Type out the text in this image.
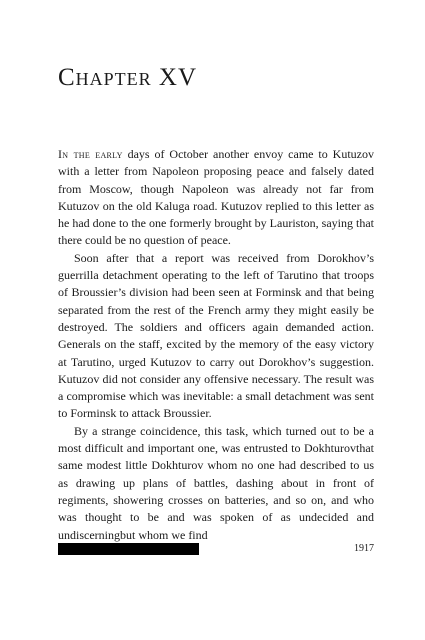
Chapter XV

In the early days of October another envoy came to Kutuzov with a letter from Napoleon proposing peace and falsely dated from Moscow, though Napoleon was already not far from Kutuzov on the old Kaluga road. Kutuzov replied to this letter as he had done to the one formerly brought by Lauriston, saying that there could be no question of peace.

Soon after that a report was received from Dorokhov’s guerrilla detachment operating to the left of Tarutino that troops of Broussier’s division had been seen at Forminsk and that being separated from the rest of the French army they might easily be destroyed. The soldiers and officers again demanded action. Generals on the staff, excited by the memory of the easy victory at Tarutino, urged Kutuzov to carry out Dorokhov’s suggestion. Kutuzov did not consider any offensive necessary. The result was a compromise which was inevitable: a small detachment was sent to Forminsk to attack Broussier.

By a strange coincidence, this task, which turned out to be a most difficult and important one, was entrusted to Dokhturovthat same modest little Dokhturov whom no one had described to us as drawing up plans of battles, dashing about in front of regiments, showering crosses on batteries, and so on, and who was thought to be and was spoken of as undecided and undiscerningbut whom we find

1917
